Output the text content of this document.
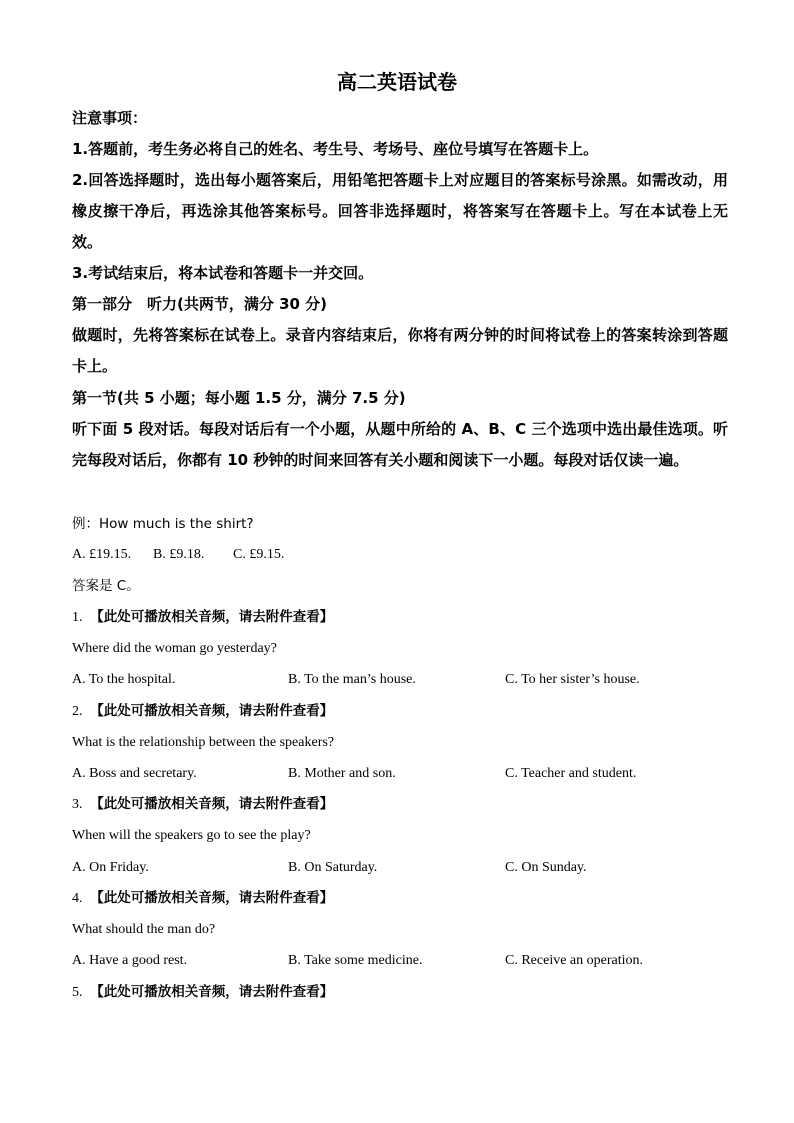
高二英语试卷
注意事项：
1.答题前，考生务必将自己的姓名、考生号、考场号、座位号填写在答题卡上。
2.回答选择题时，选出每小题答案后，用铅笔把答题卡上对应题目的答案标号涂黑。如需改动，用橡皮擦干净后，再选涂其他答案标号。回答非选择题时，将答案写在答题卡上。写在本试卷上无效。
3.考试结束后，将本试卷和答题卡一并交回。
第一部分　听力(共两节，满分 30 分)
做题时，先将答案标在试卷上。录音内容结束后，你将有两分钟的时间将试卷上的答案转涂到答题卡上。
第一节(共 5 小题；每小题 1.5 分，满分 7.5 分)
听下面 5 段对话。每段对话后有一个小题，从题中所给的 A、B、C 三个选项中选出最佳选项。听完每段对话后，你都有 10 秒钟的时间来回答有关小题和阅读下一小题。每段对话仅读一遍。
例：How much is the shirt?
A. £19.15. B. £9.18. C. £9.15.
答案是 C。
1. 【此处可播放相关音频，请去附件查看】
Where did the woman go yesterday?
A. To the hospital.	B. To the man’s house.	C. To her sister’s house.
2. 【此处可播放相关音频，请去附件查看】
What is the relationship between the speakers?
A. Boss and secretary.	B. Mother and son.	C. Teacher and student.
3. 【此处可播放相关音频，请去附件查看】
When will the speakers go to see the play?
A. On Friday.	B. On Saturday.	C. On Sunday.
4. 【此处可播放相关音频，请去附件查看】
What should the man do?
A. Have a good rest.	B. Take some medicine.	C. Receive an operation.
5. 【此处可播放相关音频，请去附件查看】
